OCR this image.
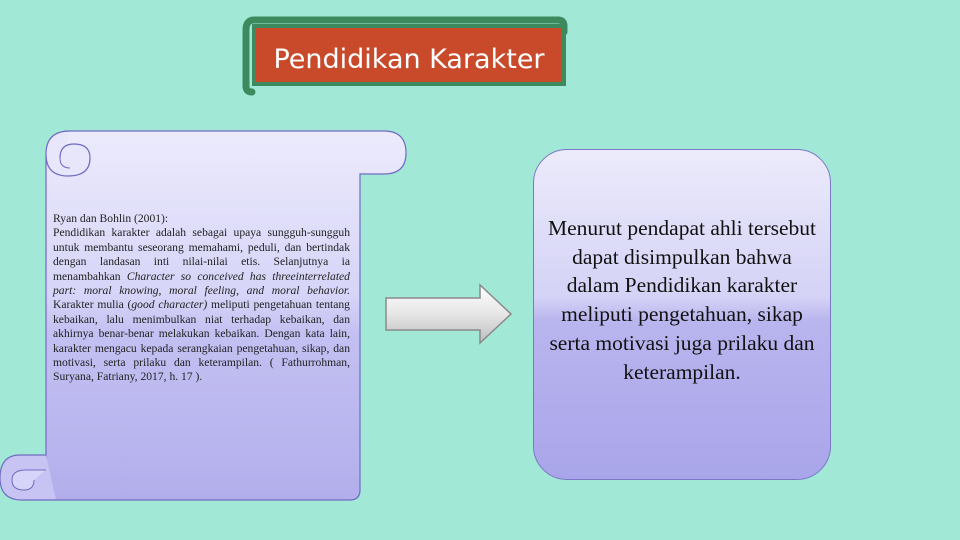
Pendidikan Karakter

Ryan dan Bohlin (2001):

Pendidikan karakter adalah sebagai upaya sungguh-sungguh untuk membantu seseorang memahami, peduli, dan bertindak dengan landasan inti nilai-nilai etis. Selanjutnya ia menambahkan Character so conceived has threeinterrelated part: moral knowing, moral feeling, and moral behavior. Karakter mulia (good character) meliputi pengetahuan tentang kebaikan, lalu menimbulkan niat terhadap kebaikan, dan akhirnya benar-benar melakukan kebaikan. Dengan kata lain, karakter mengacu kepada serangkaian pengetahuan, sikap, dan motivasi, serta prilaku dan keterampilan. ( Fathurrohman, Suryana, Fatriany, 2017, h. 17 ).

Menurut pendapat ahli tersebut dapat disimpulkan bahwa dalam Pendidikan karakter meliputi pengetahuan, sikap serta motivasi juga prilaku dan keterampilan.
